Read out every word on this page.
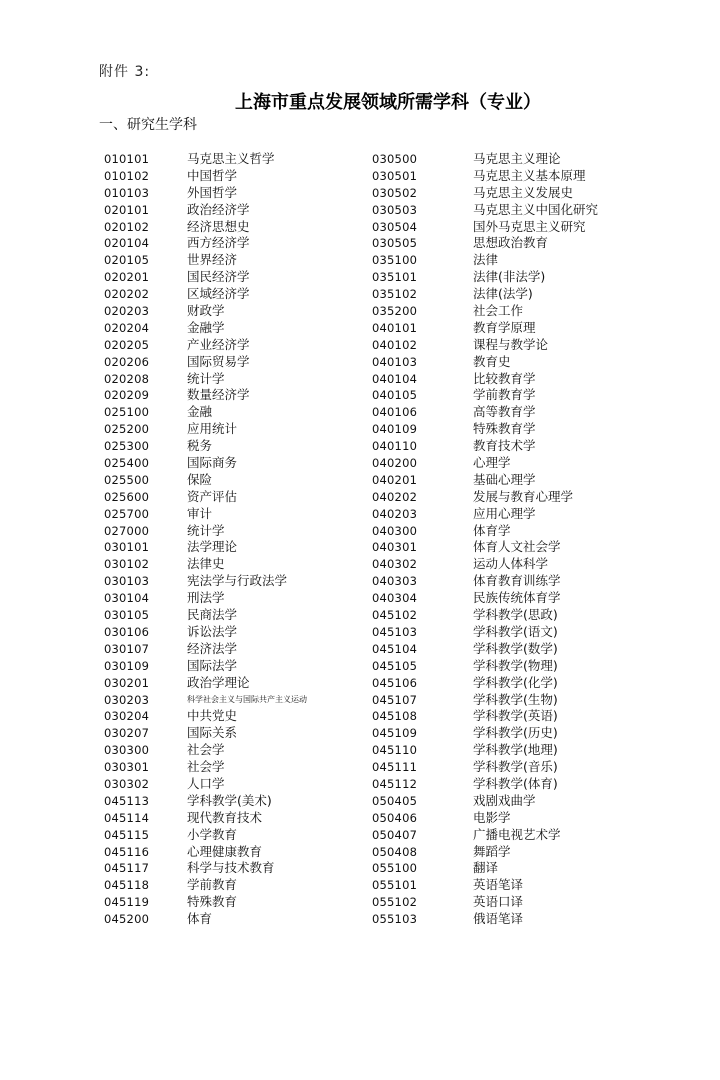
附件 3:
上海市重点发展领域所需学科（专业）
一、研究生学科
010101	马克思主义哲学
010102	中国哲学
010103	外国哲学
020101	政治经济学
020102	经济思想史
020104	西方经济学
020105	世界经济
020201	国民经济学
020202	区域经济学
020203	财政学
020204	金融学
020205	产业经济学
020206	国际贸易学
020208	统计学
020209	数量经济学
025100	金融
025200	应用统计
025300	税务
025400	国际商务
025500	保险
025600	资产评估
025700	审计
027000	统计学
030101	法学理论
030102	法律史
030103	宪法学与行政法学
030104	刑法学
030105	民商法学
030106	诉讼法学
030107	经济法学
030109	国际法学
030201	政治学理论
030203	科学社会主义与国际共产主义运动
030204	中共党史
030207	国际关系
030300	社会学
030301	社会学
030302	人口学
045113	学科教学(美术)
045114	现代教育技术
045115	小学教育
045116	心理健康教育
045117	科学与技术教育
045118	学前教育
045119	特殊教育
045200	体育
030500	马克思主义理论
030501	马克思主义基本原理
030502	马克思主义发展史
030503	马克思主义中国化研究
030504	国外马克思主义研究
030505	思想政治教育
035100	法律
035101	法律(非法学)
035102	法律(法学)
035200	社会工作
040101	教育学原理
040102	课程与教学论
040103	教育史
040104	比较教育学
040105	学前教育学
040106	高等教育学
040109	特殊教育学
040110	教育技术学
040200	心理学
040201	基础心理学
040202	发展与教育心理学
040203	应用心理学
040300	体育学
040301	体育人文社会学
040302	运动人体科学
040303	体育教育训练学
040304	民族传统体育学
045102	学科教学(思政)
045103	学科教学(语文)
045104	学科教学(数学)
045105	学科教学(物理)
045106	学科教学(化学)
045107	学科教学(生物)
045108	学科教学(英语)
045109	学科教学(历史)
045110	学科教学(地理)
045111	学科教学(音乐)
045112	学科教学(体育)
050405	戏剧戏曲学
050406	电影学
050407	广播电视艺术学
050408	舞蹈学
055100	翻译
055101	英语笔译
055102	英语口译
055103	俄语笔译
